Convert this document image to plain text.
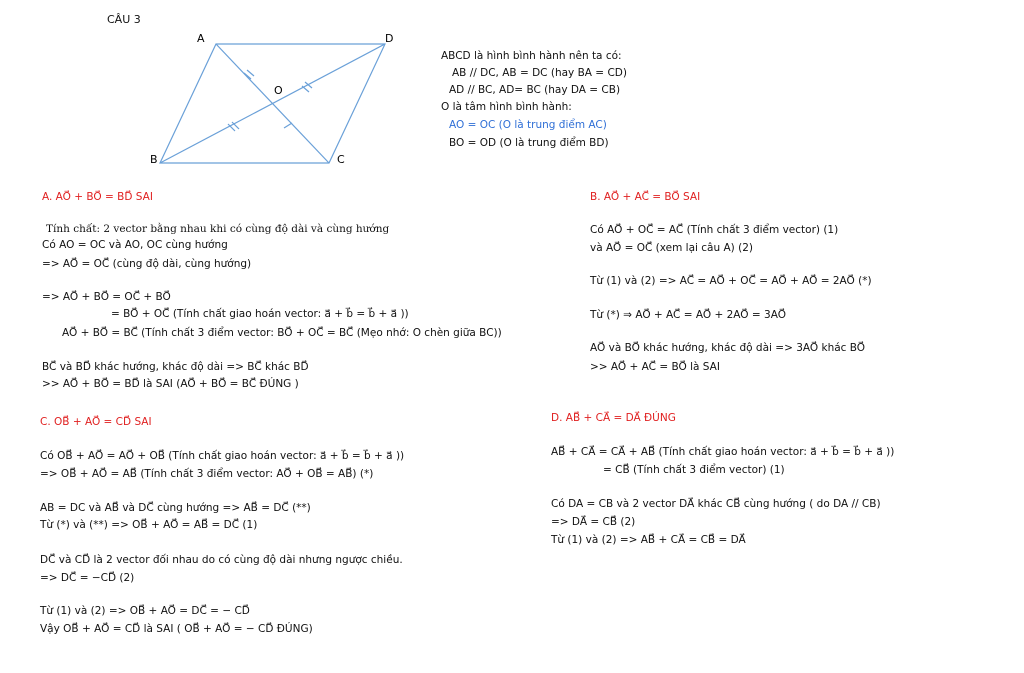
CÂU 3
A	D
B	C
O
ABCD là hình bình hành nên ta có:
AB // DC, AB = DC (hay BA = CD)
AD // BC, AD= BC (hay DA = CB)
O là tâm hình bình hành:
AO = OC (O là trung điểm AC)
BO = OD (O là trung điểm BD)
A. AO⃗ + BO⃗ = BD⃗ SAI
Tính chất: 2 vector bằng nhau khi có cùng độ dài và cùng hướng
Có AO = OC và AO, OC cùng hướng
=> AO⃗ = OC⃗ (cùng độ dài, cùng hướng)
=> AO⃗ + BO⃗ = OC⃗ + BO⃗
= BO⃗ + OC⃗ (Tính chất giao hoán vector: a⃗ + b⃗ = b⃗ + a⃗ ))
AO⃗ + BO⃗ = BC⃗ (Tính chất 3 điểm vector: BO⃗ + OC⃗ = BC⃗ (Mẹo nhớ: O chèn giữa BC))
BC⃗ và BD⃗ khác hướng, khác độ dài => BC⃗ khác BD⃗
>> AO⃗ + BO⃗ = BD⃗ là SAI (AO⃗ + BO⃗ = BC⃗ ĐÚNG )
B. AO⃗ + AC⃗ = BO⃗ SAI
Có AO⃗ + OC⃗ = AC⃗ (Tính chất 3 điểm vector) (1)
và AO⃗ = OC⃗ (xem lại câu A) (2)
Từ (1) và (2) => AC⃗ = AO⃗ + OC⃗ = AO⃗ + AO⃗ = 2AO⃗ (*)
Từ (*) ⇒ AO⃗ + AC⃗ = AO⃗ + 2AO⃗ = 3AO⃗
AO⃗ và BO⃗ khác hướng, khác độ dài => 3AO⃗ khác BO⃗
>> AO⃗ + AC⃗ = BO⃗ là SAI
C. OB⃗ + AO⃗ = CD⃗ SAI
Có OB⃗ + AO⃗ = AO⃗ + OB⃗ (Tính chất giao hoán vector: a⃗ + b⃗ = b⃗ + a⃗ ))
=> OB⃗ + AO⃗ = AB⃗ (Tính chất 3 điểm vector: AO⃗ + OB⃗ = AB⃗) (*)
AB = DC và AB⃗ và DC⃗ cùng hướng => AB⃗ = DC⃗ (**)
Từ (*) và (**) => OB⃗ + AO⃗ = AB⃗ = DC⃗ (1)
DC⃗ và CD⃗ là 2 vector đối nhau do có cùng độ dài nhưng ngược chiều.
=> DC⃗ = −CD⃗ (2)
Từ (1) và (2) => OB⃗ + AO⃗ = DC⃗ = − CD⃗
Vậy OB⃗ + AO⃗ = CD⃗ là SAI ( OB⃗ + AO⃗ = − CD⃗ ĐÚNG)
D. AB⃗ + CA⃗ = DA⃗ ĐÚNG
AB⃗ + CA⃗ = CA⃗ + AB⃗ (Tính chất giao hoán vector: a⃗ + b⃗ = b⃗ + a⃗ ))
= CB⃗ (Tính chất 3 điểm vector) (1)
Có DA = CB và 2 vector DA⃗ khác CB⃗ cùng hướng ( do DA // CB)
=> DA⃗ = CB⃗ (2)
Từ (1) và (2) => AB⃗ + CA⃗ = CB⃗ = DA⃗
